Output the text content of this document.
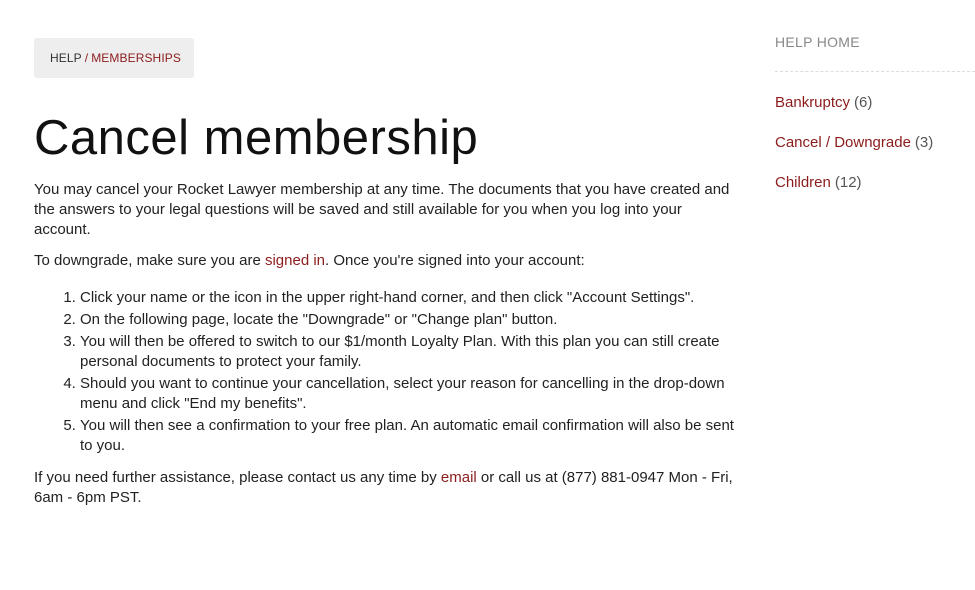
HELP / MEMBERSHIPS
Cancel membership

You may cancel your Rocket Lawyer membership at any time. The documents that you have created and the answers to your legal questions will be saved and still available for you when you log into your account.

To downgrade, make sure you are signed in. Once you're signed into your account:

1. Click your name or the icon in the upper right-hand corner, and then click "Account Settings".
2. On the following page, locate the "Downgrade" or "Change plan" button.
3. You will then be offered to switch to our $1/month Loyalty Plan. With this plan you can still create personal documents to protect your family.
4. Should you want to continue your cancellation, select your reason for cancelling in the drop-down menu and click "End my benefits".
5. You will then see a confirmation to your free plan. An automatic email confirmation will also be sent to you.

If you need further assistance, please contact us any time by email or call us at (877) 881-0947 Mon - Fri, 6am - 6pm PST.

HELP HOME
Bankruptcy (6)
Cancel / Downgrade (3)
Children (12)
